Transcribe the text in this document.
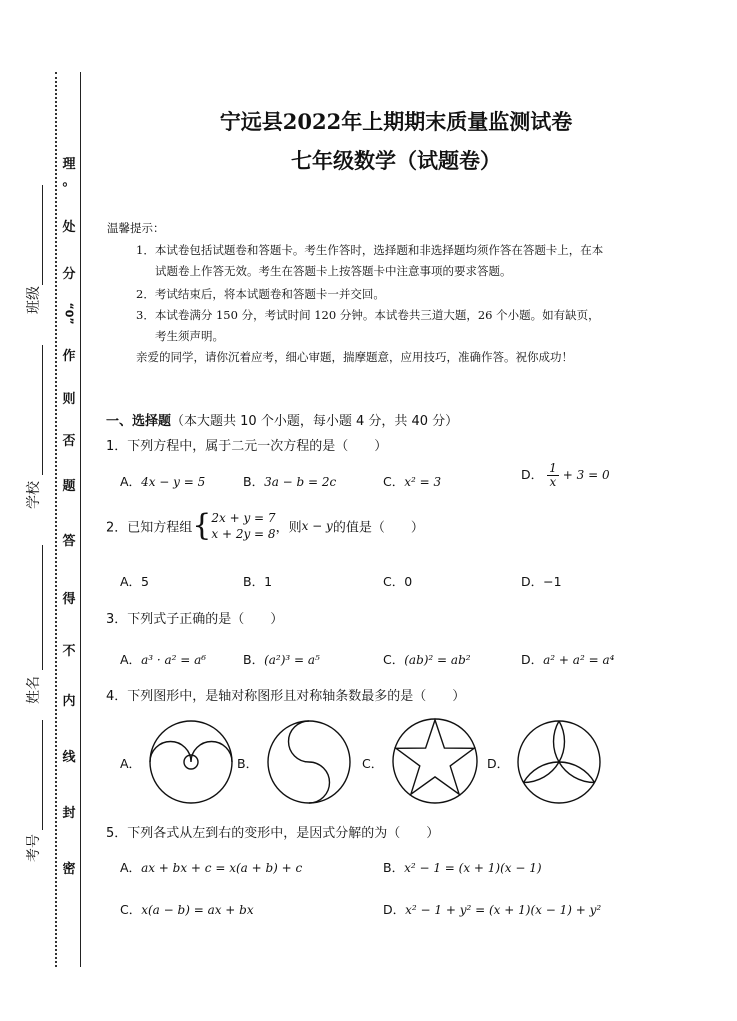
理
。
处
分
“0”
作
则
否
题
答
得
不
内
线
封
密
班级
学校
姓名
考号
宁远县2022年上期期末质量监测试卷
七年级数学（试题卷）
温馨提示：
1．本试卷包括试题卷和答题卡。考生作答时，选择题和非选择题均须作答在答题卡上，在本
试题卷上作答无效。考生在答题卡上按答题卡中注意事项的要求答题。
2．考试结束后，将本试题卷和答题卡一并交回。
3．本试卷满分 150 分，考试时间 120 分钟。本试卷共三道大题，26 个小题。如有缺页，
考生须声明。
亲爱的同学，请你沉着应考，细心审题，揣摩题意，应用技巧，准确作答。祝你成功！
一、选择题（本大题共 10 个小题，每小题 4 分，共 40 分）
1．下列方程中，属于二元一次方程的是（　　）
A．4x − y = 5	B．3a − b = 2c	C．x² = 3	D． $\frac{1}{x} + 3 = 0$
2．已知方程组{ 2x + y = 7
x + 2y = 8 ，则x − y的值是（　　）
A．5	B．1	C．0	D．−1
3．下列式子正确的是（　　）
A．a³ · a² = a⁶	B．(a²)³ = a⁵	C．(ab)² = ab²	D．a² + a² = a⁴
4．下列图形中，是轴对称图形且对称轴条数最多的是（　　）
A．	B．	C．	D．
5．下列各式从左到右的变形中，是因式分解的为（　　）
A．ax + bx + c = x(a + b) + c	B．x² − 1 = (x + 1)(x − 1)
C．x(a − b) = ax + bx	D．x² − 1 + y² = (x + 1)(x − 1) + y²
